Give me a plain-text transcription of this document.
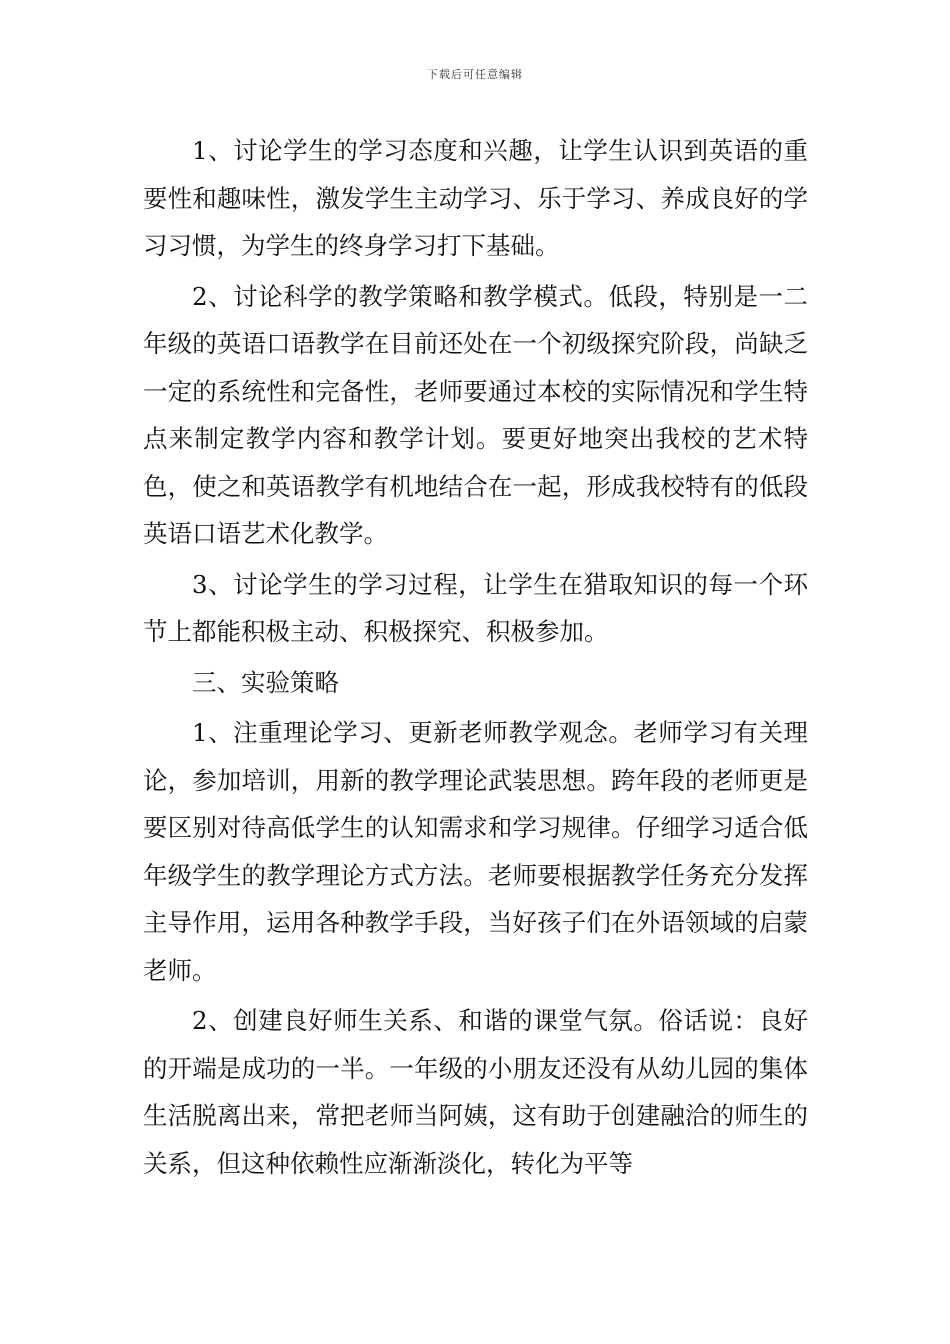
下载后可任意编辑

1、讨论学生的学习态度和兴趣，让学生认识到英语的重要性和趣味性，激发学生主动学习、乐于学习、养成良好的学习习惯，为学生的终身学习打下基础。

2、讨论科学的教学策略和教学模式。低段，特别是一二年级的英语口语教学在目前还处在一个初级探究阶段，尚缺乏一定的系统性和完备性，老师要通过本校的实际情况和学生特点来制定教学内容和教学计划。要更好地突出我校的艺术特色，使之和英语教学有机地结合在一起，形成我校特有的低段英语口语艺术化教学。

3、讨论学生的学习过程，让学生在猎取知识的每一个环节上都能积极主动、积极探究、积极参加。

三、实验策略

1、注重理论学习、更新老师教学观念。老师学习有关理论，参加培训，用新的教学理论武装思想。跨年段的老师更是要区别对待高低学生的认知需求和学习规律。仔细学习适合低年级学生的教学理论方式方法。老师要根据教学任务充分发挥主导作用，运用各种教学手段，当好孩子们在外语领域的启蒙老师。

2、创建良好师生关系、和谐的课堂气氛。俗话说：良好的开端是成功的一半。一年级的小朋友还没有从幼儿园的集体生活脱离出来，常把老师当阿姨，这有助于创建融洽的师生的关系，但这种依赖性应渐渐淡化，转化为平等
